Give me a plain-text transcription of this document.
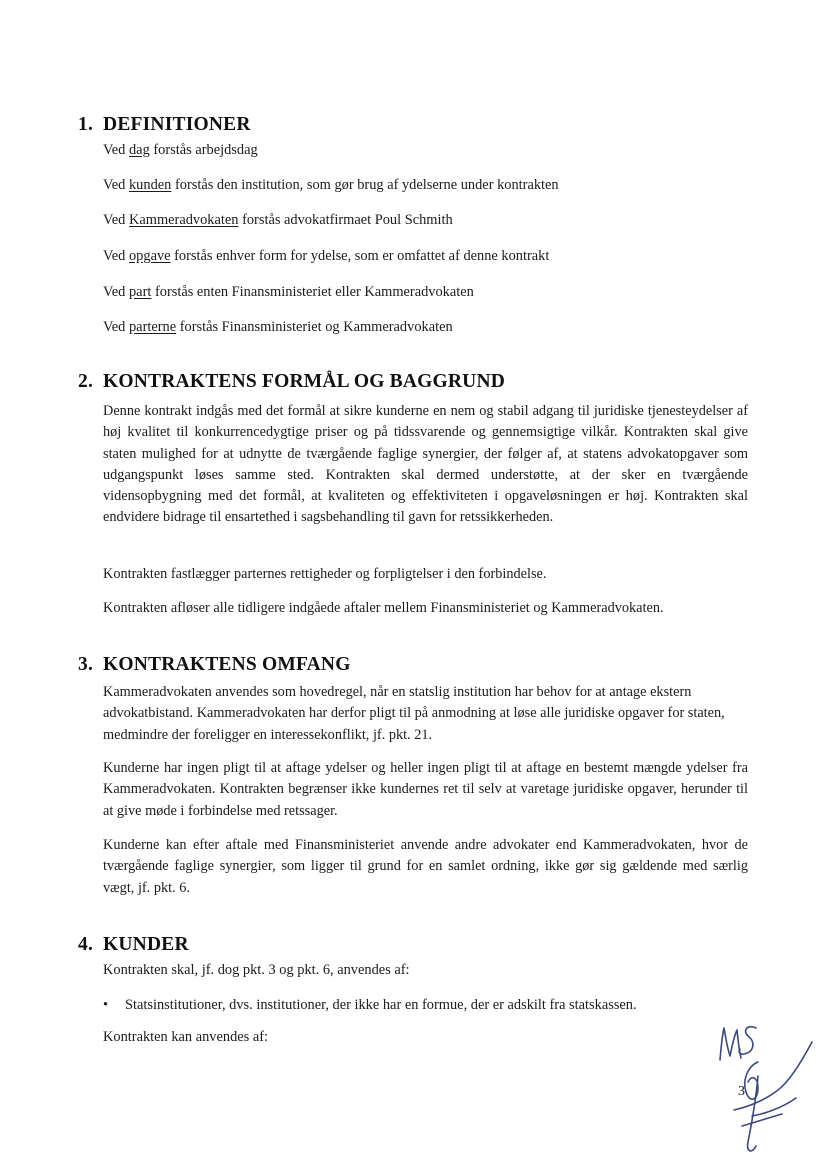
1. DEFINITIONER

Ved dag forstås arbejdsdag

Ved kunden forstås den institution, som gør brug af ydelserne under kontrakten

Ved Kammeradvokaten forstås advokatfirmaet Poul Schmith

Ved opgave forstås enhver form for ydelse, som er omfattet af denne kontrakt

Ved part forstås enten Finansministeriet eller Kammeradvokaten

Ved parterne forstås Finansministeriet og Kammeradvokaten

2. KONTRAKTENS FORMÅL OG BAGGRUND

Denne kontrakt indgås med det formål at sikre kunderne en nem og stabil adgang til juridiske tjenesteydelser af høj kvalitet til konkurrencedygtige priser og på tidssvarende og gennemsigtige vilkår. Kontrakten skal give staten mulighed for at udnytte de tværgående faglige synergier, der følger af, at statens advokatopgaver som udgangspunkt løses samme sted. Kontrakten skal dermed understøtte, at der sker en tværgående vidensopbygning med det formål, at kvaliteten og effektiviteten i opgaveløsningen er høj. Kontrakten skal endvidere bidrage til ensartethed i sagsbehandling til gavn for retssikkerheden.

Kontrakten fastlægger parternes rettigheder og forpligtelser i den forbindelse.

Kontrakten afløser alle tidligere indgåede aftaler mellem Finansministeriet og Kammeradvokaten.

3. KONTRAKTENS OMFANG

Kammeradvokaten anvendes som hovedregel, når en statslig institution har behov for at antage ekstern advokatbistand. Kammeradvokaten har derfor pligt til på anmodning at løse alle juridiske opgaver for staten, medmindre der foreligger en interessekonflikt, jf. pkt. 21.

Kunderne har ingen pligt til at aftage ydelser og heller ingen pligt til at aftage en bestemt mængde ydelser fra Kammeradvokaten. Kontrakten begrænser ikke kundernes ret til selv at varetage juridiske opgaver, herunder til at give møde i forbindelse med retssager.

Kunderne kan efter aftale med Finansministeriet anvende andre advokater end Kammeradvokaten, hvor de tværgående faglige synergier, som ligger til grund for en samlet ordning, ikke gør sig gældende med særlig vægt, jf. pkt. 6.

4. KUNDER

Kontrakten skal, jf. dog pkt. 3 og pkt. 6, anvendes af:

• Statsinstitutioner, dvs. institutioner, der ikke har en formue, der er adskilt fra statskassen.

Kontrakten kan anvendes af:

3
